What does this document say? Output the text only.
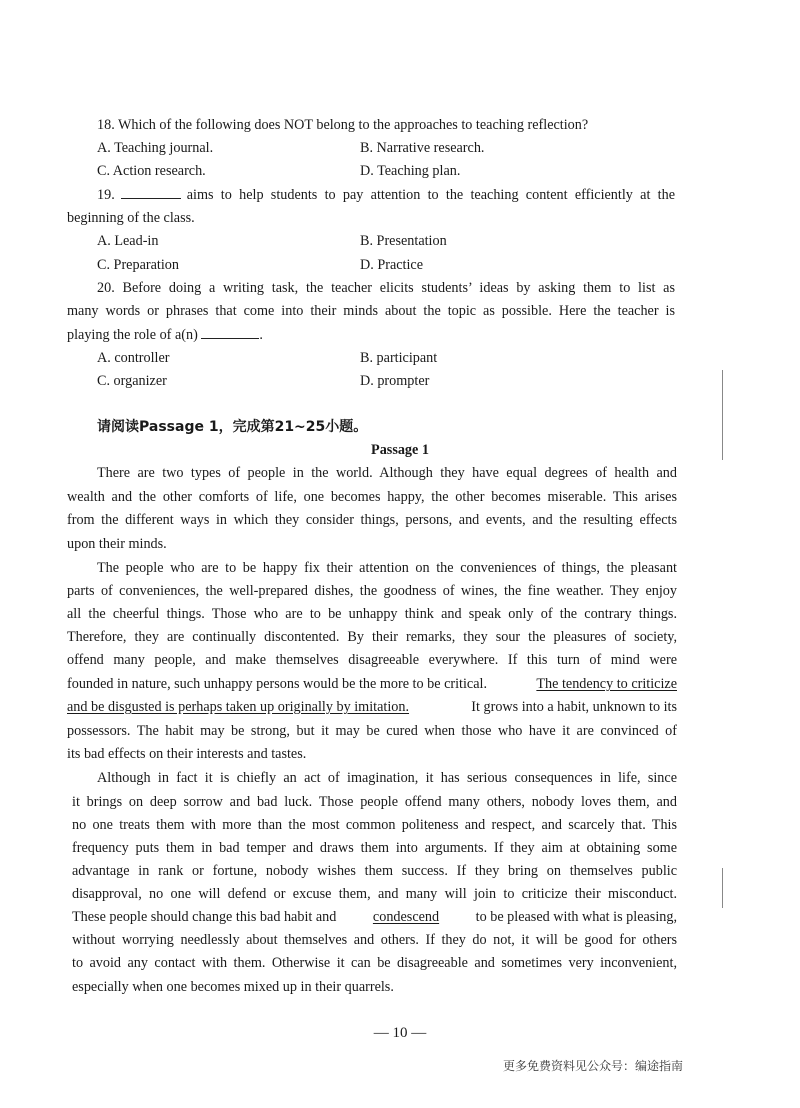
18. Which of the following does NOT belong to the approaches to teaching reflection?
A. Teaching journal.	B. Narrative research.
C. Action research.	D. Teaching plan.
19.	aims to help students to pay attention to the teaching content efficiently at the
beginning of the class.
A. Lead-in	B. Presentation
C. Preparation	D. Practice
20. Before doing a writing task, the teacher elicits students’ ideas by asking them to list as
many words or phrases that come into their minds about the topic as possible. Here the teacher is
playing the role of a(n)	.
A. controller	B. participant
C. organizer	D. prompter
请阅读Passage 1，完成第21~25小题。
Passage 1
There are two types of people in the world. Although they have equal degrees of health and
wealth and the other comforts of life, one becomes happy, the other becomes miserable. This arises
from the different ways in which they consider things, persons, and events, and the resulting effects
upon their minds.
The people who are to be happy fix their attention on the conveniences of things, the pleasant
parts of conveniences, the well-prepared dishes, the goodness of wines, the fine weather. They enjoy
all the cheerful things. Those who are to be unhappy think and speak only of the contrary things.
Therefore, they are continually discontented. By their remarks, they sour the pleasures of society,
offend many people, and make themselves disagreeable everywhere. If this turn of mind were
founded in nature, such unhappy persons would be the more to be critical.	The tendency to criticize
and be disgusted is perhaps taken up originally by imitation.	It grows into a habit, unknown to its
possessors. The habit may be strong, but it may be cured when those who have it are convinced of
its bad effects on their interests and tastes.
Although in fact it is chiefly an act of imagination, it has serious consequences in life, since
it brings on deep sorrow and bad luck. Those people offend many others, nobody loves them, and
no one treats them with more than the most common politeness and respect, and scarcely that. This
frequency puts them in bad temper and draws them into arguments. If they aim at obtaining some
advantage in rank or fortune, nobody wishes them success. If they bring on themselves public
disapproval, no one will defend or excuse them, and many will join to criticize their misconduct.
These people should change this bad habit and	condescend	to be pleased with what is pleasing,
without worrying needlessly about themselves and others. If they do not, it will be good for others
to avoid any contact with them. Otherwise it can be disagreeable and sometimes very inconvenient,
especially when one becomes mixed up in their quarrels.
— 10 —
更多免费资料见公众号：编途指南
